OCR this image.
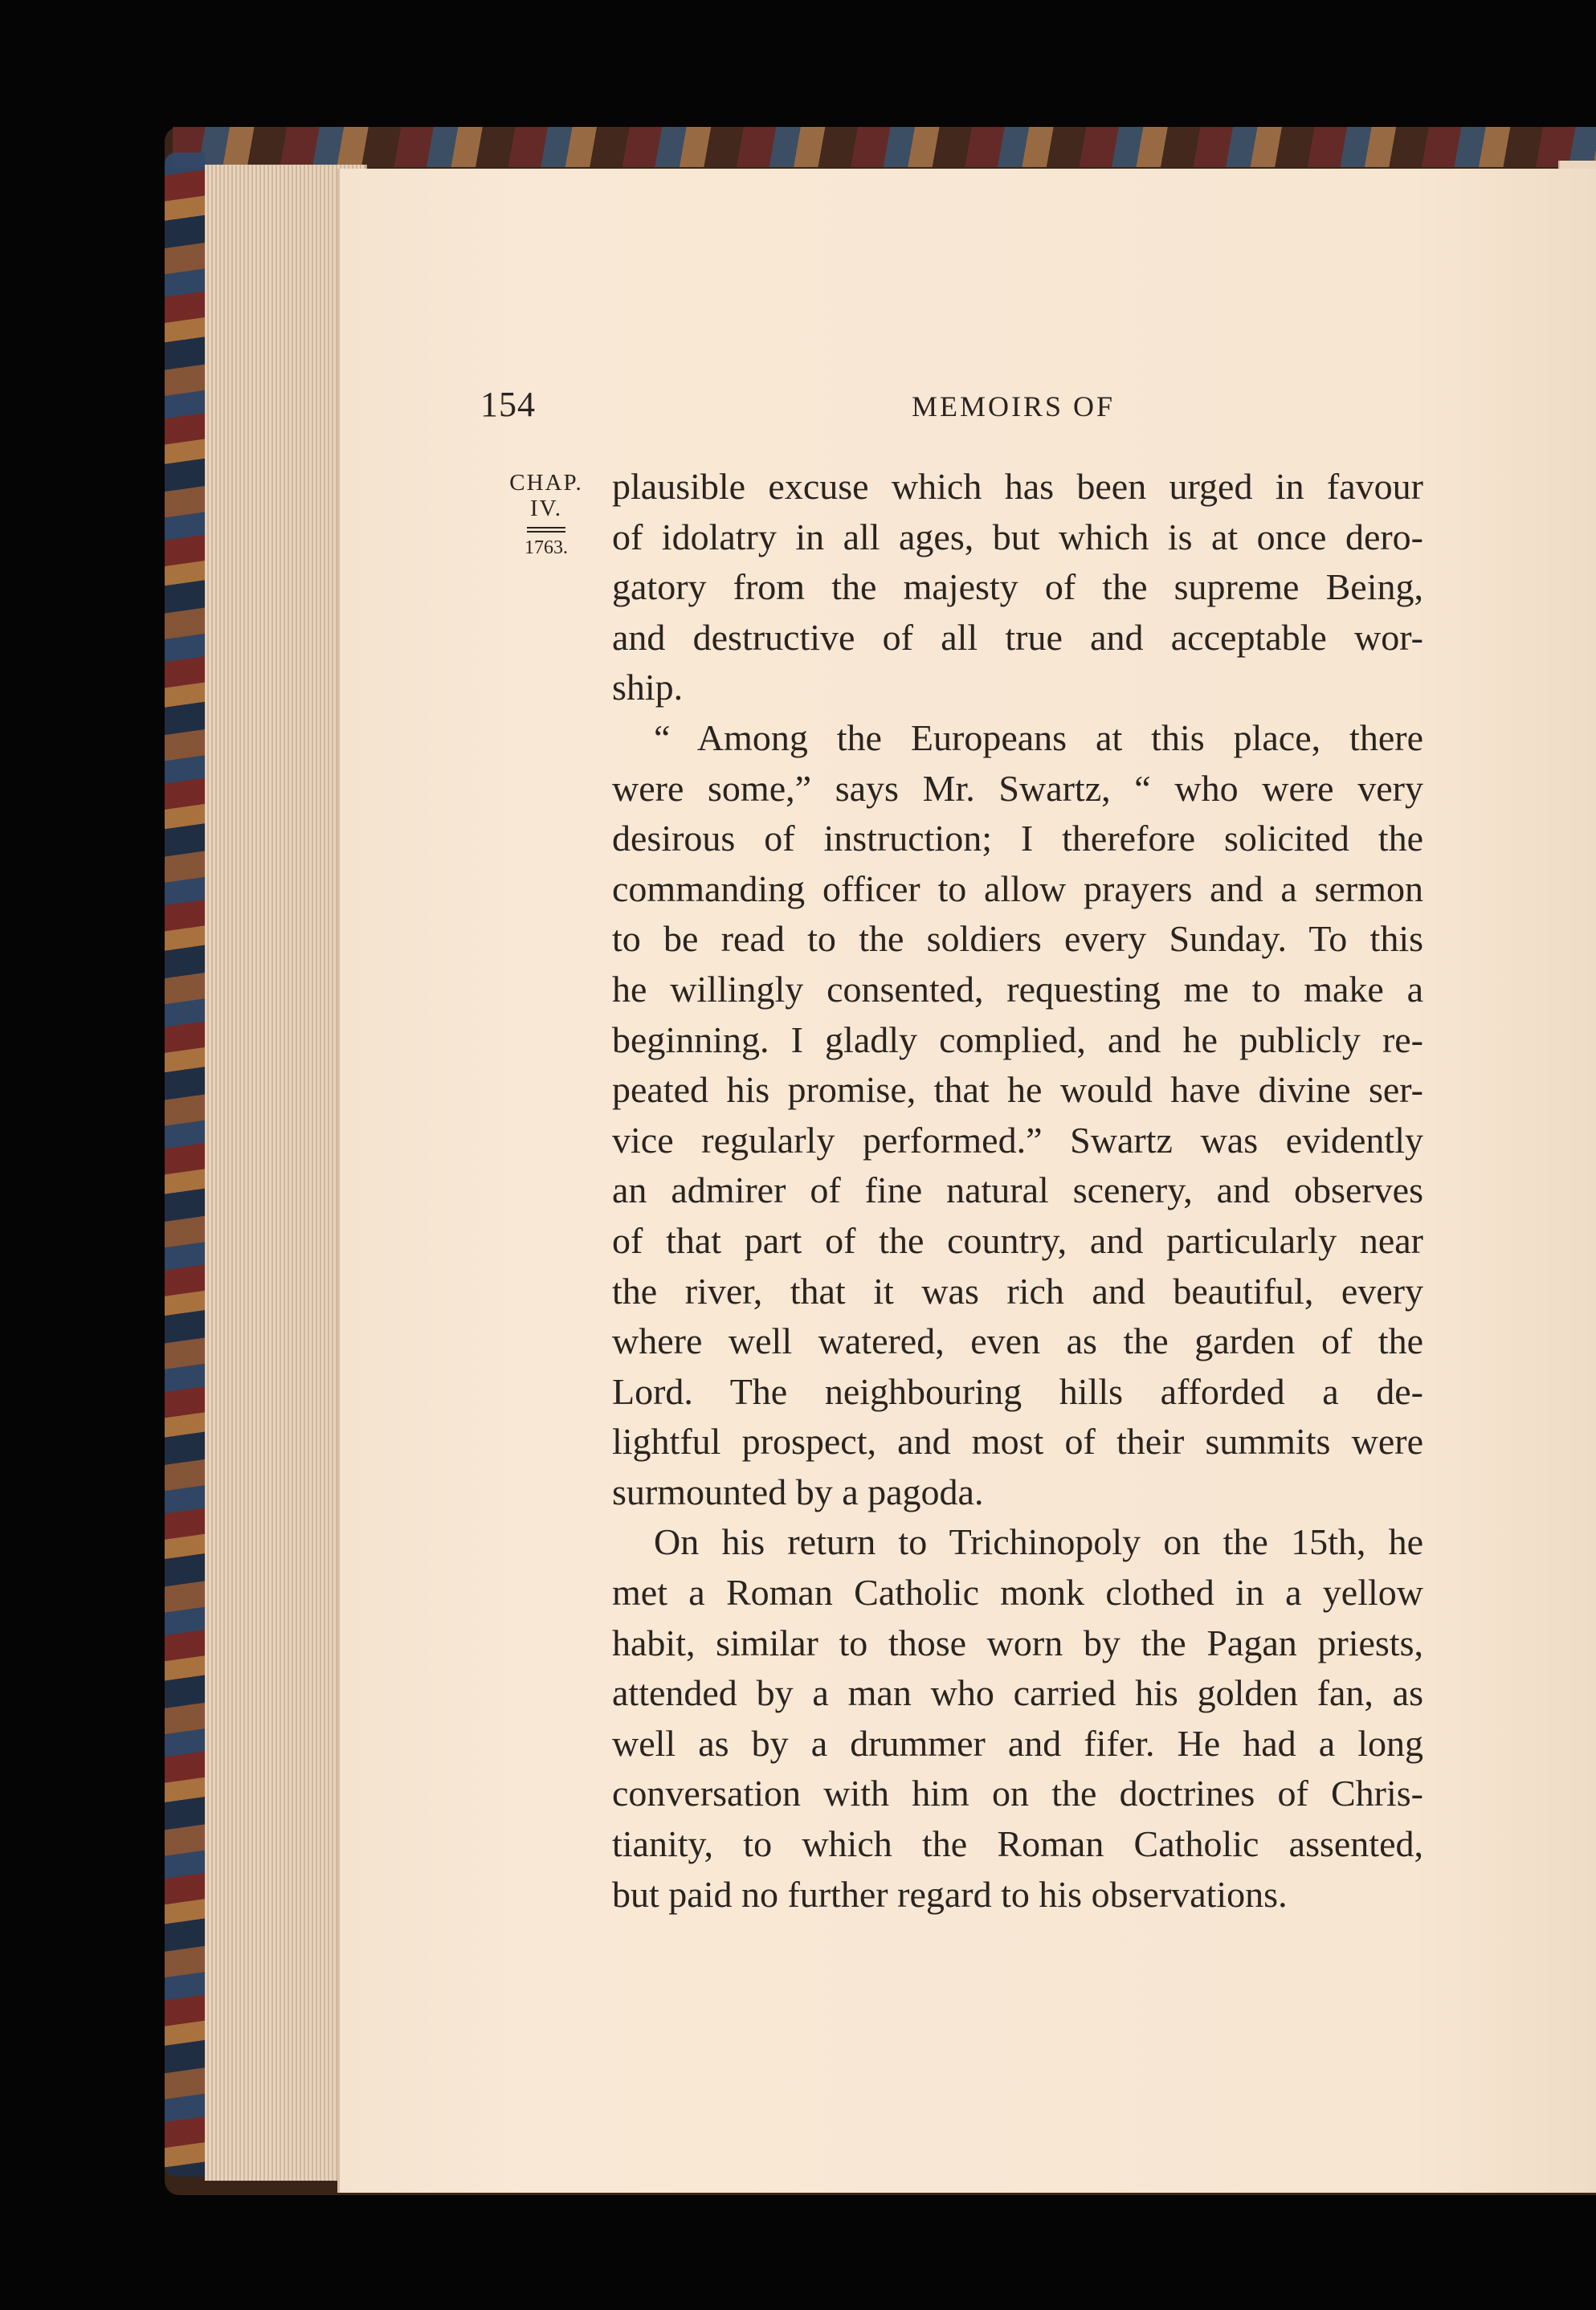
154	MEMOIRS OF
CHAP.
IV.
1763.
plausible excuse which has been urged in favour
of idolatry in all ages, but which is at once dero-
gatory from the majesty of the supreme Being,
and destructive of all true and acceptable wor-
ship.
“ Among the Europeans at this place, there
were some,” says Mr. Swartz, “ who were very
desirous of instruction; I therefore solicited the
commanding officer to allow prayers and a sermon
to be read to the soldiers every Sunday. To this
he willingly consented, requesting me to make a
beginning. I gladly complied, and he publicly re-
peated his promise, that he would have divine ser-
vice regularly performed.” Swartz was evidently
an admirer of fine natural scenery, and observes
of that part of the country, and particularly near
the river, that it was rich and beautiful, every
where well watered, even as the garden of the
Lord. The neighbouring hills afforded a de-
lightful prospect, and most of their summits were
surmounted by a pagoda.
On his return to Trichinopoly on the 15th, he
met a Roman Catholic monk clothed in a yellow
habit, similar to those worn by the Pagan priests,
attended by a man who carried his golden fan, as
well as by a drummer and fifer. He had a long
conversation with him on the doctrines of Chris-
tianity, to which the Roman Catholic assented,
but paid no further regard to his observations.
